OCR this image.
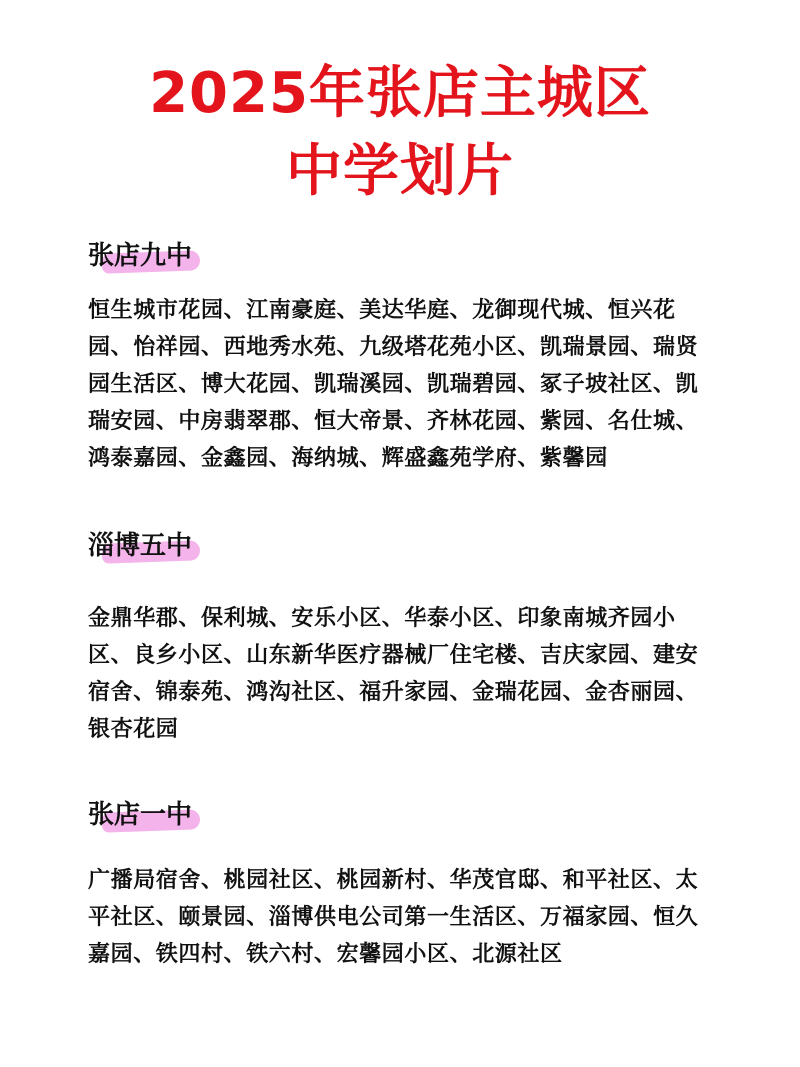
2025年张店主城区
中学划片
张店九中
恒生城市花园、江南豪庭、美达华庭、龙御现代城、恒兴花园、怡祥园、西地秀水苑、九级塔花苑小区、凯瑞景园、瑞贤园生活区、博大花园、凯瑞溪园、凯瑞碧园、冢子坡社区、凯瑞安园、中房翡翠郡、恒大帝景、齐林花园、紫园、名仕城、鸿泰嘉园、金鑫园、海纳城、辉盛鑫苑学府、紫馨园
淄博五中
金鼎华郡、保利城、安乐小区、华泰小区、印象南城齐园小区、良乡小区、山东新华医疗器械厂住宅楼、吉庆家园、建安宿舍、锦泰苑、鸿沟社区、福升家园、金瑞花园、金杏丽园、银杏花园
张店一中
广播局宿舍、桃园社区、桃园新村、华茂官邸、和平社区、太平社区、颐景园、淄博供电公司第一生活区、万福家园、恒久嘉园、铁四村、铁六村、宏馨园小区、北源社区
